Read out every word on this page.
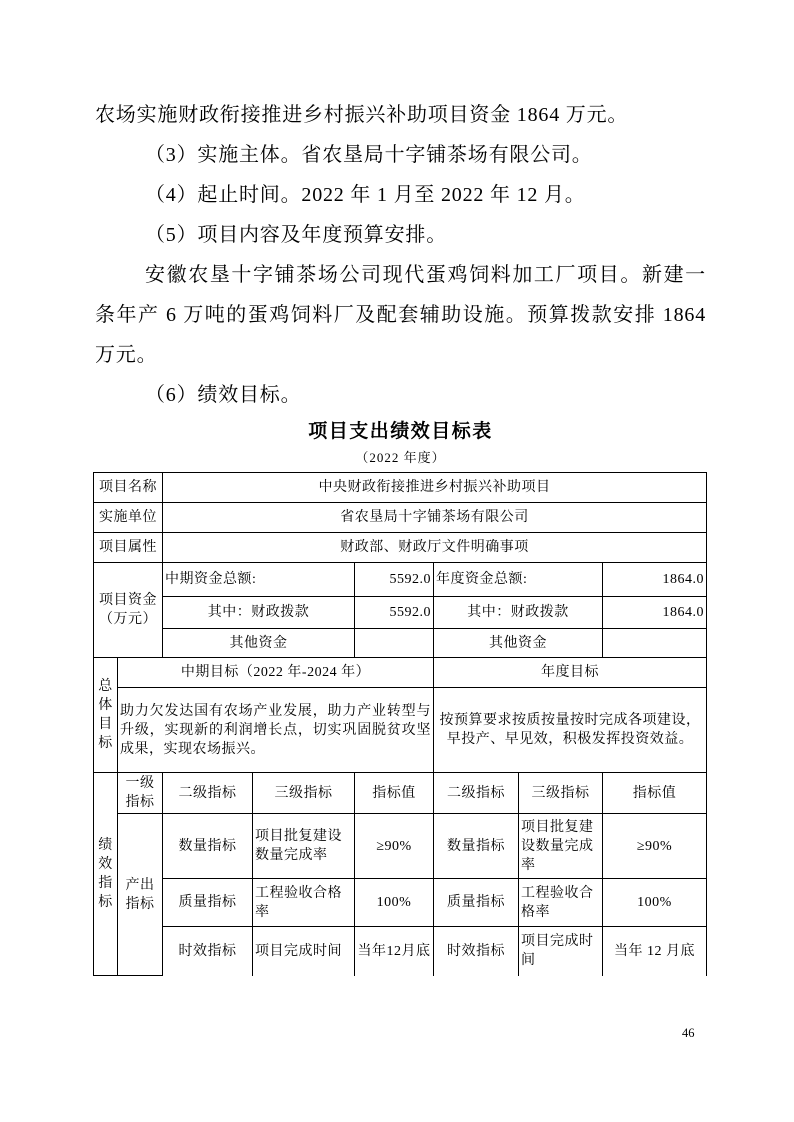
农场实施财政衔接推进乡村振兴补助项目资金 1864 万元。

（3）实施主体。省农垦局十字铺茶场有限公司。

（4）起止时间。2022 年 1 月至 2022 年 12 月。

（5）项目内容及年度预算安排。

安徽农垦十字铺茶场公司现代蛋鸡饲料加工厂项目。新建一条年产 6 万吨的蛋鸡饲料厂及配套辅助设施。预算拨款安排 1864 万元。

（6）绩效目标。

项目支出绩效目标表
（2022 年度）
项目名称		中央财政衔接推进乡村振兴补助项目					
实施单位		省农垦局十字铺茶场有限公司					
项目属性		财政部、财政厅文件明确事项					
项目资金（万元）		中期资金总额:		5592.0	年度资金总额:		1864.0
		其中：财政拨款		5592.0	其中：财政拨款		1864.0
		其他资金			其他资金		
总体目标	中期目标（2022 年-2024 年）				年度目标		
	助力欠发达国有农场产业发展，助力产业转型与升级，实现新的利润增长点，切实巩固脱贫攻坚成果，实现农场振兴。				按预算要求按质按量按时完成各项建设，早投产、早见效，积极发挥投资效益。		
绩效指标	一级指标	二级指标	三级指标	指标值	二级指标	三级指标	指标值
	产出指标	数量指标	项目批复建设数量完成率	≥90%	数量指标	项目批复建设数量完成率	≥90%
		质量指标	工程验收合格率	100%	质量指标	工程验收合格率	100%
		时效指标	项目完成时间	当年12月底	时效指标	项目完成时间	当年 12 月底
46
